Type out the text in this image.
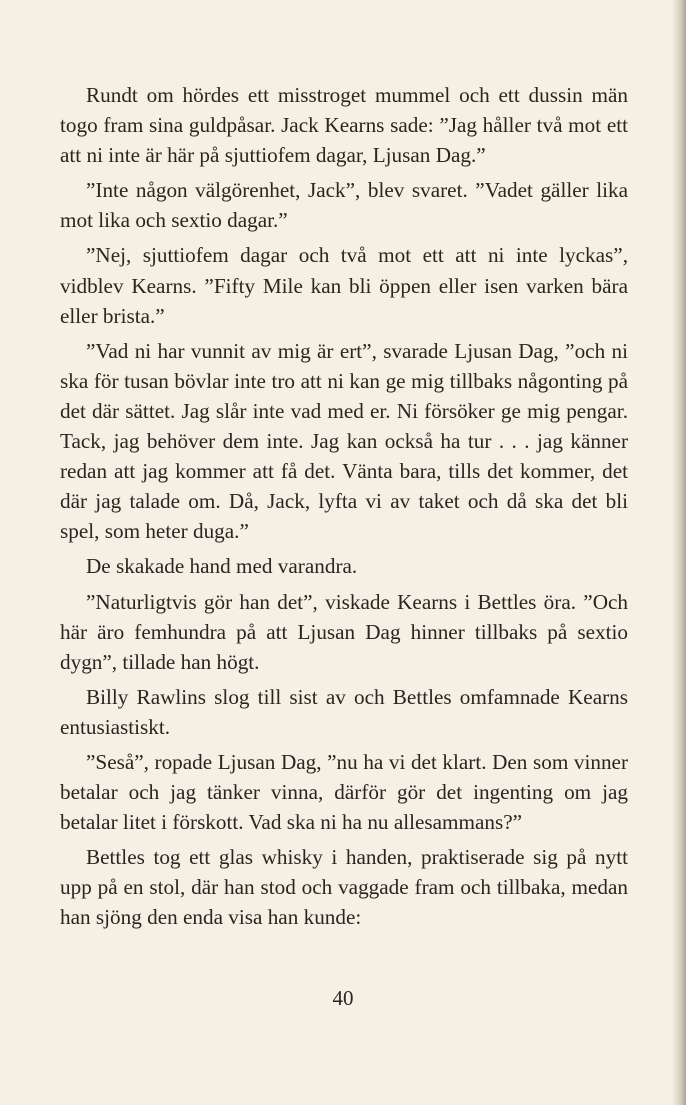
Rundt om hördes ett misstroget mummel och ett dussin män togo fram sina guldpåsar. Jack Kearns sade: ”Jag håller två mot ett att ni inte är här på sjuttiofem dagar, Ljusan Dag.”

”Inte någon välgörenhet, Jack”, blev svaret. ”Vadet gäller lika mot lika och sextio dagar.”

”Nej, sjuttiofem dagar och två mot ett att ni inte lyckas”, vidblev Kearns. ”Fifty Mile kan bli öppen eller isen varken bära eller brista.”

”Vad ni har vunnit av mig är ert”, svarade Ljusan Dag, ”och ni ska för tusan bövlar inte tro att ni kan ge mig tillbaks någonting på det där sättet. Jag slår inte vad med er. Ni försöker ge mig pengar. Tack, jag behöver dem inte. Jag kan också ha tur . . . jag känner redan att jag kommer att få det. Vänta bara, tills det kommer, det där jag talade om. Då, Jack, lyfta vi av taket och då ska det bli spel, som heter duga.”

De skakade hand med varandra.

”Naturligtvis gör han det”, viskade Kearns i Bettles öra. ”Och här äro femhundra på att Ljusan Dag hinner tillbaks på sextio dygn”, tillade han högt.

Billy Rawlins slog till sist av och Bettles omfamnade Kearns entusiastiskt.

”Seså”, ropade Ljusan Dag, ”nu ha vi det klart. Den som vinner betalar och jag tänker vinna, därför gör det ingenting om jag betalar litet i förskott. Vad ska ni ha nu allesammans?”

Bettles tog ett glas whisky i handen, praktiserade sig på nytt upp på en stol, där han stod och vaggade fram och tillbaka, medan han sjöng den enda visa han kunde:

40
